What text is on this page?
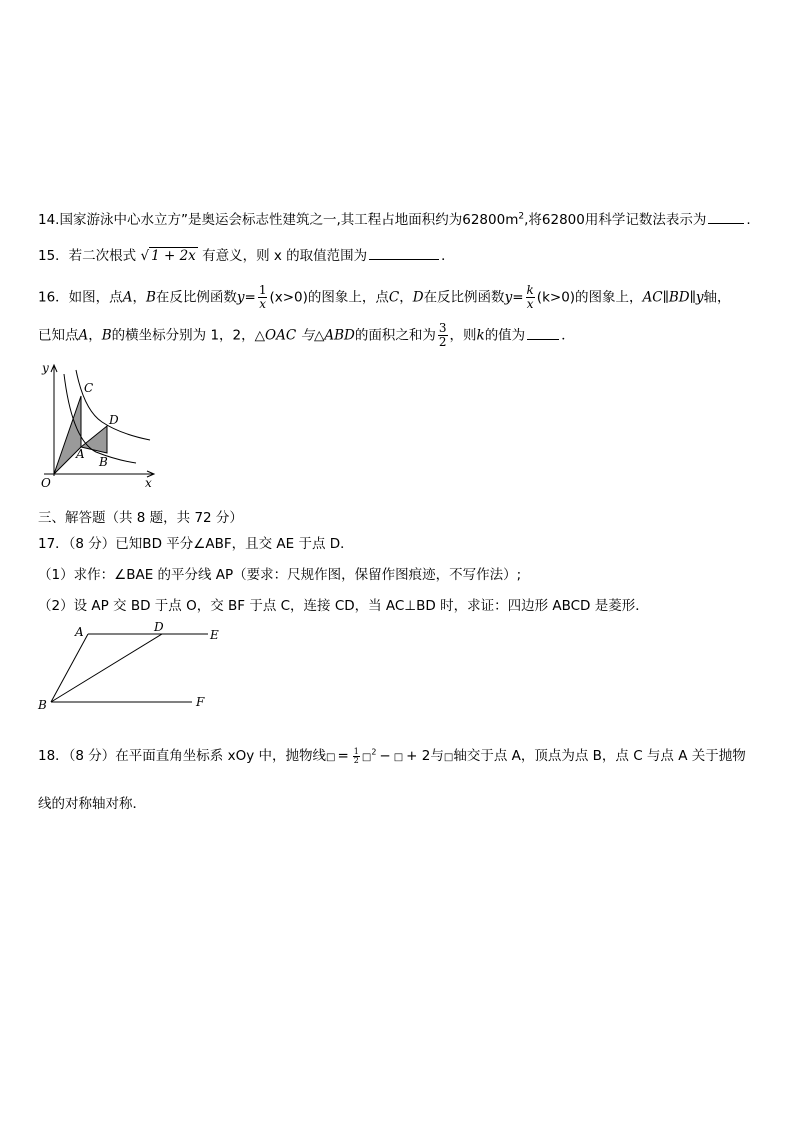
14.国家游泳中心水立方”是奥运会标志性建筑之一,其工程占地面积约为$62800m^2$,将62800用科学记数法表示为	.
15．若二次根式 √ 1 + 2x 有意义，则 x 的取值范围为	．
16．如图，点A，B在反比例函数$y= \frac{1}{x} (x>0)$的图象上，点C，D在反比例函数$y= \frac{k}{x} (k>0)$的图象上，AC∥BD∥y轴，
已知点A，B的横坐标分别为 1，2，△OAC 与△ABD的面积之和为 $\frac{3}{2}$ ，则k的值为	．
y
x
O
C
D
A
B
三、解答题（共 8 题，共 72 分）
17．（8 分）已知BD 平分∠ABF，且交 AE 于点 D．
（1）求作：∠BAE 的平分线 AP（要求：尺规作图，保留作图痕迹，不写作法）;
（2）设 AP 交 BD 于点 O，交 BF 于点 C，连接 CD，当 AC⊥BD 时，求证：四边形 ABCD 是菱形．
A	D
E
B	F
18．（8 分）在平面直角坐标系 xOy 中，抛物线□ = $\frac{1}{2}$ □$^2$ − □ + 2与□轴交于点 A，顶点为点 B，点 C 与点 A 关于抛物
线的对称轴对称．
